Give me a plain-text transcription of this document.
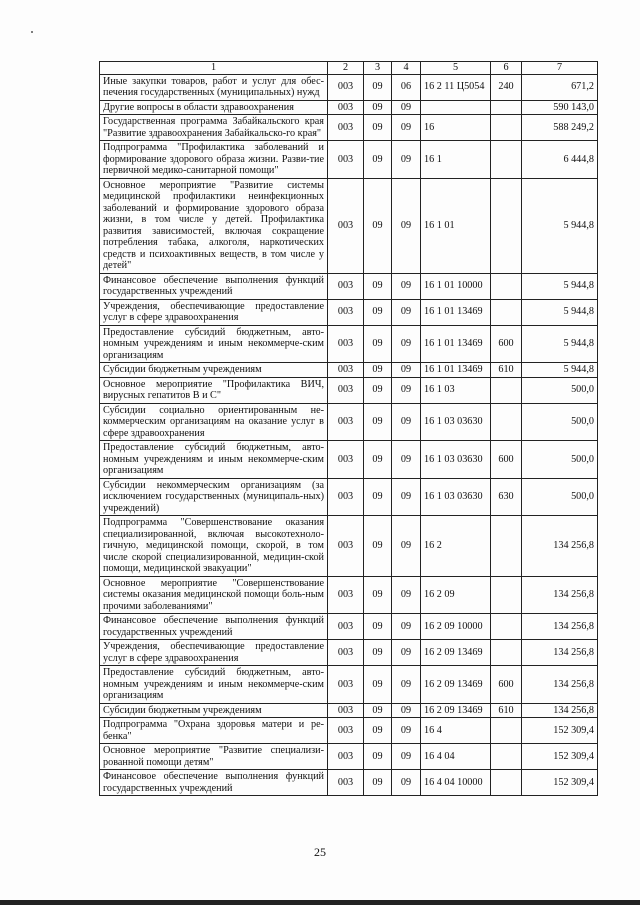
1	2	3	4	5	6	7
Иные закупки товаров, работ и услуг для обес-печения государственных (муниципальных) нужд	003	09	06	16 2 11 Ц5054	240	671,2
Другие вопросы в области здравоохранения	003	09	09			590 143,0
Государственная программа Забайкальского края "Развитие здравоохранения Забайкальско-го края"	003	09	09	16		588 249,2
Подпрограмма "Профилактика заболеваний и формирование здорового образа жизни. Разви-тие первичной медико-санитарной помощи"	003	09	09	16 1		6 444,8
Основное мероприятие "Развитие системы медицинской профилактики неинфекционных заболеваний и формирование здорового образа жизни, в том числе у детей. Профилактика развития зависимостей, включая сокращение потребления табака, алкоголя, наркотических средств и психоактивных веществ, в том числе у детей"	003	09	09	16 1 01		5 944,8
Финансовое обеспечение выполнения функций государственных учреждений	003	09	09	16 1 01 10000		5 944,8
Учреждения, обеспечивающие предоставление услуг в сфере здравоохранения	003	09	09	16 1 01 13469		5 944,8
Предоставление субсидий бюджетным, авто-номным учреждениям и иным некоммерче-ским организациям	003	09	09	16 1 01 13469	600	5 944,8
Субсидии бюджетным учреждениям	003	09	09	16 1 01 13469	610	5 944,8
Основное мероприятие "Профилактика ВИЧ, вирусных гепатитов В и С"	003	09	09	16 1 03		500,0
Субсидии социально ориентированным не-коммерческим организациям на оказание услуг в сфере здравоохранения	003	09	09	16 1 03 03630		500,0
Предоставление субсидий бюджетным, авто-номным учреждениям и иным некоммерче-ским организациям	003	09	09	16 1 03 03630	600	500,0
Субсидии некоммерческим организациям (за исключением государственных (муниципаль-ных) учреждений)	003	09	09	16 1 03 03630	630	500,0
Подпрограмма "Совершенствование оказания специализированной, включая высокотехноло-гичную, медицинской помощи, скорой, в том числе скорой специализированной, медицин-ской помощи, медицинской эвакуации"	003	09	09	16 2		134 256,8
Основное мероприятие "Совершенствование системы оказания медицинской помощи боль-ным прочими заболеваниями"	003	09	09	16 2 09		134 256,8
Финансовое обеспечение выполнения функций государственных учреждений	003	09	09	16 2 09 10000		134 256,8
Учреждения, обеспечивающие предоставление услуг в сфере здравоохранения	003	09	09	16 2 09 13469		134 256,8
Предоставление субсидий бюджетным, авто-номным учреждениям и иным некоммерче-ским организациям	003	09	09	16 2 09 13469	600	134 256,8
Субсидии бюджетным учреждениям	003	09	09	16 2 09 13469	610	134 256,8
Подпрограмма "Охрана здоровья матери и ре-бенка"	003	09	09	16 4		152 309,4
Основное мероприятие "Развитие специализи-рованной помощи детям"	003	09	09	16 4 04		152 309,4
Финансовое обеспечение выполнения функций государственных учреждений	003	09	09	16 4 04 10000		152 309,4
25
